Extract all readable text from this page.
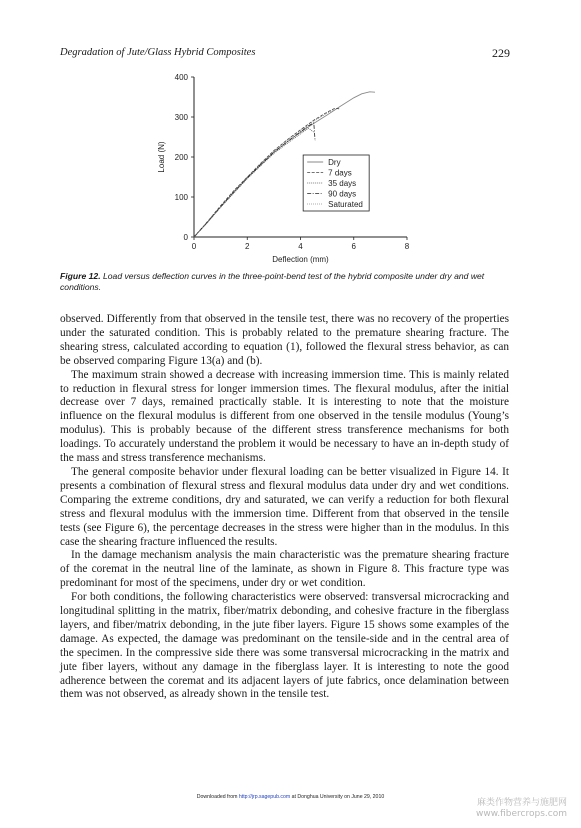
Degradation of Jute/Glass Hybrid Composites	229
0	2	4	6	8
0
100
200
300
400
Deflection (mm)
Load (N)	Dry
7 days
35 days
90 days
Saturated
Figure 12. Load versus deflection curves in the three-point-bend test of the hybrid composite under dry and wet conditions.

observed. Differently from that observed in the tensile test, there was no recovery of the properties under the saturated condition. This is probably related to the premature shearing fracture. The shearing stress, calculated according to equation (1), followed the flexural stress behavior, as can be observed comparing Figure 13(a) and (b).

The maximum strain showed a decrease with increasing immersion time. This is mainly related to reduction in flexural stress for longer immersion times. The flexural modulus, after the initial decrease over 7 days, remained practically stable. It is interesting to note that the moisture influence on the flexural modulus is different from one observed in the tensile modulus (Young’s modulus). This is probably because of the different stress transference mechanisms for both loadings. To accurately understand the problem it would be necessary to have an in-depth study of the mass and stress transference mechanisms.

The general composite behavior under flexural loading can be better visualized in Figure 14. It presents a combination of flexural stress and flexural modulus data under dry and wet conditions. Comparing the extreme conditions, dry and saturated, we can verify a reduction for both flexural stress and flexural modulus with the immersion time. Different from that observed in the tensile tests (see Figure 6), the percentage decreases in the stress were higher than in the modulus. In this case the shearing fracture influenced the results.

In the damage mechanism analysis the main characteristic was the premature shearing fracture of the coremat in the neutral line of the laminate, as shown in Figure 8. This fracture type was predominant for most of the specimens, under dry or wet condition.

For both conditions, the following characteristics were observed: transversal microcracking and longitudinal splitting in the matrix, fiber/matrix debonding, and cohesive fracture in the fiberglass layers, and fiber/matrix debonding, in the jute fiber layers. Figure 15 shows some examples of the damage. As expected, the damage was predominant on the tensile-side and in the central area of the specimen. In the compressive side there was some transversal microcracking in the matrix and jute fiber layers, without any damage in the fiberglass layer. It is interesting to note the good adherence between the coremat and its adjacent layers of jute fabrics, once delamination between them was not observed, as already shown in the tensile test.

Downloaded from http://jrp.sagepub.com at Donghua University on June 29, 2010
麻类作物营养与施肥网
www.fibercrops.com
